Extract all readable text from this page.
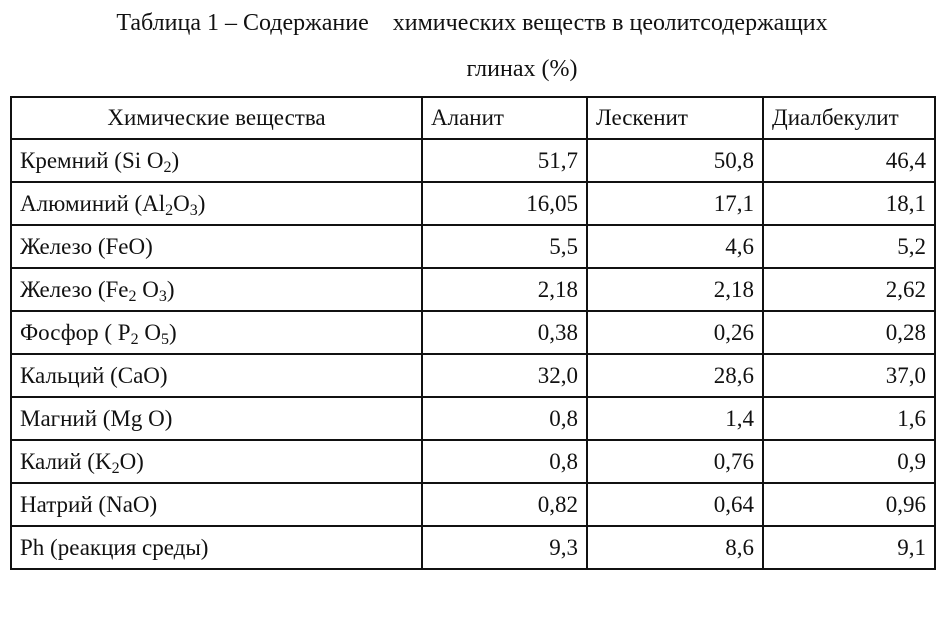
Таблица 1 – Содержание    химических веществ в цеолитсодержащих
глинах (%)
Химические вещества	Аланит	Лескенит	Диалбекулит
Кремний (Si $O_2$)	51,7	50,8	46,4
Алюминий $(Al_2O_3)$	16,05	17,1	18,1
Железо (FeO)	5,5	4,6	5,2
Железо ($Fe_2$ $O_3$)	2,18	2,18	2,62
Фосфор ( $P_2$ $O_5$)	0,38	0,26	0,28
Кальций (CaO)	32,0	28,6	37,0
Магний (Mg O)	0,8	1,4	1,6
Калий $(K_2O)$	0,8	0,76	0,9
Натрий (NaO)	0,82	0,64	0,96
Ph (реакция среды)	9,3	8,6	9,1
